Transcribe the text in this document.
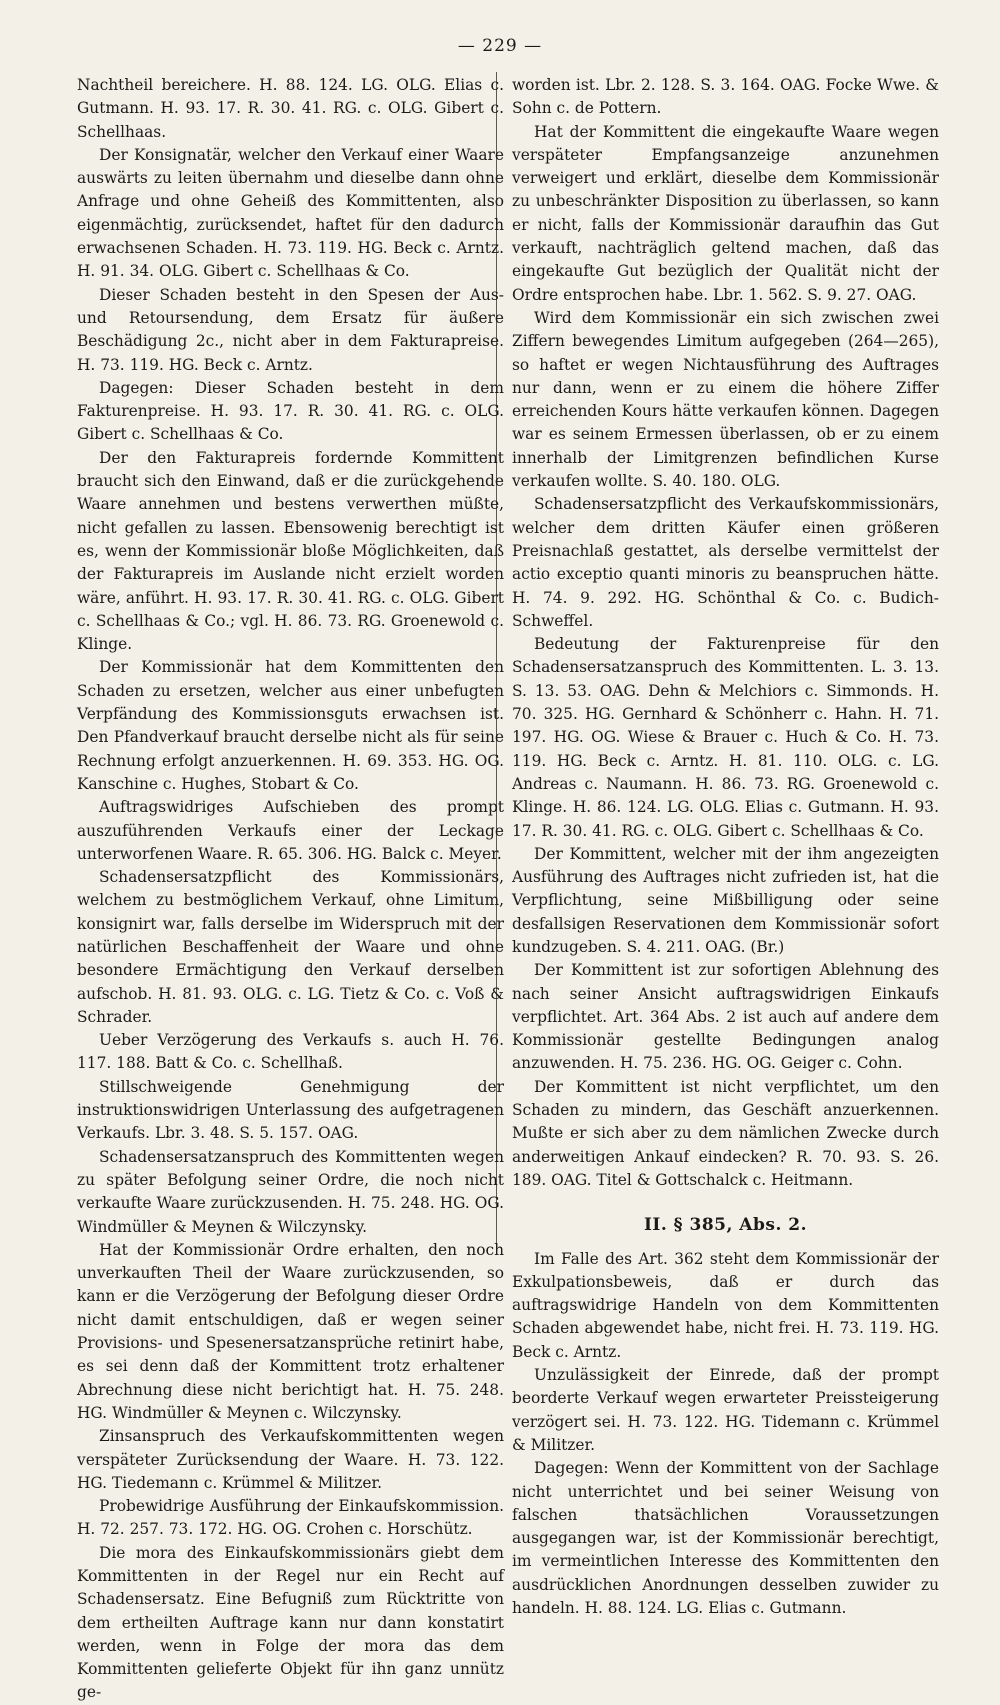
— 229 —

Nachtheil bereichere. H. 88. 124. LG. OLG. Elias c. Gutmann. H. 93. 17. R. 30. 41. RG. c. OLG. Gibert c. Schellhaas.

Der Konsignatär, welcher den Verkauf einer Waare auswärts zu leiten übernahm und dieselbe dann ohne Anfrage und ohne Geheiß des Kommittenten, also eigenmächtig, zurücksendet, haftet für den dadurch erwachsenen Schaden. H. 73. 119. HG. Beck c. Arntz. H. 91. 34. OLG. Gibert c. Schellhaas & Co.

Dieser Schaden besteht in den Spesen der Aus- und Retoursendung, dem Ersatz für äußere Beschädigung 2c., nicht aber in dem Fakturapreise. H. 73. 119. HG. Beck c. Arntz.

Dagegen: Dieser Schaden besteht in dem Fakturenpreise. H. 93. 17. R. 30. 41. RG. c. OLG. Gibert c. Schellhaas & Co.

Der den Fakturapreis fordernde Kommittent braucht sich den Einwand, daß er die zurückgehende Waare annehmen und bestens verwerthen müßte, nicht gefallen zu lassen. Ebensowenig berechtigt ist es, wenn der Kommissionär bloße Möglichkeiten, daß der Fakturapreis im Auslande nicht erzielt worden wäre, anführt. H. 93. 17. R. 30. 41. RG. c. OLG. Gibert c. Schellhaas & Co.; vgl. H. 86. 73. RG. Groenewold c. Klinge.

Der Kommissionär hat dem Kommittenten den Schaden zu ersetzen, welcher aus einer unbefugten Verpfändung des Kommissionsguts erwachsen ist. Den Pfandverkauf braucht derselbe nicht als für seine Rechnung erfolgt anzuerkennen. H. 69. 353. HG. OG. Kanschine c. Hughes, Stobart & Co.

Auftragswidriges Aufschieben des prompt auszuführenden Verkaufs einer der Leckage unterworfenen Waare. R. 65. 306. HG. Balck c. Meyer.

Schadensersatzpflicht des Kommissionärs, welchem zu bestmöglichem Verkauf, ohne Limitum, konsignirt war, falls derselbe im Widerspruch mit der natürlichen Beschaffenheit der Waare und ohne besondere Ermächtigung den Verkauf derselben aufschob. H. 81. 93. OLG. c. LG. Tietz & Co. c. Voß & Schrader.

Ueber Verzögerung des Verkaufs s. auch H. 76. 117. 188. Batt & Co. c. Schellhaß.

Stillschweigende Genehmigung der instruktionswidrigen Unterlassung des aufgetragenen Verkaufs. Lbr. 3. 48. S. 5. 157. OAG.

Schadensersatzanspruch des Kommittenten wegen zu später Befolgung seiner Ordre, die noch nicht verkaufte Waare zurückzusenden. H. 75. 248. HG. OG. Windmüller & Meynen & Wilczynsky.

Hat der Kommissionär Ordre erhalten, den noch unverkauften Theil der Waare zurückzusenden, so kann er die Verzögerung der Befolgung dieser Ordre nicht damit entschuldigen, daß er wegen seiner Provisions- und Spesenersatzansprüche retinirt habe, es sei denn daß der Kommittent trotz erhaltener Abrechnung diese nicht berichtigt hat. H. 75. 248. HG. Windmüller & Meynen c. Wilczynsky.

Zinsanspruch des Verkaufskommittenten wegen verspäteter Zurücksendung der Waare. H. 73. 122. HG. Tiedemann c. Krümmel & Militzer.

Probewidrige Ausführung der Einkaufskommission. H. 72. 257. 73. 172. HG. OG. Crohen c. Horschütz.

Die mora des Einkaufskommissionärs giebt dem Kommittenten in der Regel nur ein Recht auf Schadensersatz. Eine Befugniß zum Rücktritte von dem ertheilten Auftrage kann nur dann konstatirt werden, wenn in Folge der mora das dem Kommittenten gelieferte Objekt für ihn ganz unnütz ge-

worden ist. Lbr. 2. 128. S. 3. 164. OAG. Focke Wwe. & Sohn c. de Pottern.

Hat der Kommittent die eingekaufte Waare wegen verspäteter Empfangsanzeige anzunehmen verweigert und erklärt, dieselbe dem Kommissionär zu unbeschränkter Disposition zu überlassen, so kann er nicht, falls der Kommissionär daraufhin das Gut verkauft, nachträglich geltend machen, daß das eingekaufte Gut bezüglich der Qualität nicht der Ordre entsprochen habe. Lbr. 1. 562. S. 9. 27. OAG.

Wird dem Kommissionär ein sich zwischen zwei Ziffern bewegendes Limitum aufgegeben (264—265), so haftet er wegen Nichtausführung des Auftrages nur dann, wenn er zu einem die höhere Ziffer erreichenden Kours hätte verkaufen können. Dagegen war es seinem Ermessen überlassen, ob er zu einem innerhalb der Limitgrenzen befindlichen Kurse verkaufen wollte. S. 40. 180. OLG.

Schadensersatzpflicht des Verkaufskommissionärs, welcher dem dritten Käufer einen größeren Preisnachlaß gestattet, als derselbe vermittelst der actio exceptio quanti minoris zu beanspruchen hätte. H. 74. 9. 292. HG. Schönthal & Co. c. Budich-Schweffel.

Bedeutung der Fakturenpreise für den Schadensersatzanspruch des Kommittenten. L. 3. 13. S. 13. 53. OAG. Dehn & Melchiors c. Simmonds. H. 70. 325. HG. Gernhard & Schönherr c. Hahn. H. 71. 197. HG. OG. Wiese & Brauer c. Huch & Co. H. 73. 119. HG. Beck c. Arntz. H. 81. 110. OLG. c. LG. Andreas c. Naumann. H. 86. 73. RG. Groenewold c. Klinge. H. 86. 124. LG. OLG. Elias c. Gutmann. H. 93. 17. R. 30. 41. RG. c. OLG. Gibert c. Schellhaas & Co.

Der Kommittent, welcher mit der ihm angezeigten Ausführung des Auftrages nicht zufrieden ist, hat die Verpflichtung, seine Mißbilligung oder seine desfallsigen Reservationen dem Kommissionär sofort kundzugeben. S. 4. 211. OAG. (Br.)

Der Kommittent ist zur sofortigen Ablehnung des nach seiner Ansicht auftragswidrigen Einkaufs verpflichtet. Art. 364 Abs. 2 ist auch auf andere dem Kommissionär gestellte Bedingungen analog anzuwenden. H. 75. 236. HG. OG. Geiger c. Cohn.

Der Kommittent ist nicht verpflichtet, um den Schaden zu mindern, das Geschäft anzuerkennen. Mußte er sich aber zu dem nämlichen Zwecke durch anderweitigen Ankauf eindecken? R. 70. 93. S. 26. 189. OAG. Titel & Gottschalck c. Heitmann.

II. § 385, Abs. 2.

Im Falle des Art. 362 steht dem Kommissionär der Exkulpationsbeweis, daß er durch das auftragswidrige Handeln von dem Kommittenten Schaden abgewendet habe, nicht frei. H. 73. 119. HG. Beck c. Arntz.

Unzulässigkeit der Einrede, daß der prompt beorderte Verkauf wegen erwarteter Preissteigerung verzögert sei. H. 73. 122. HG. Tidemann c. Krümmel & Militzer.

Dagegen: Wenn der Kommittent von der Sachlage nicht unterrichtet und bei seiner Weisung von falschen thatsächlichen Voraussetzungen ausgegangen war, ist der Kommissionär berechtigt, im vermeintlichen Interesse des Kommittenten den ausdrücklichen Anordnungen desselben zuwider zu handeln. H. 88. 124. LG. Elias c. Gutmann.
